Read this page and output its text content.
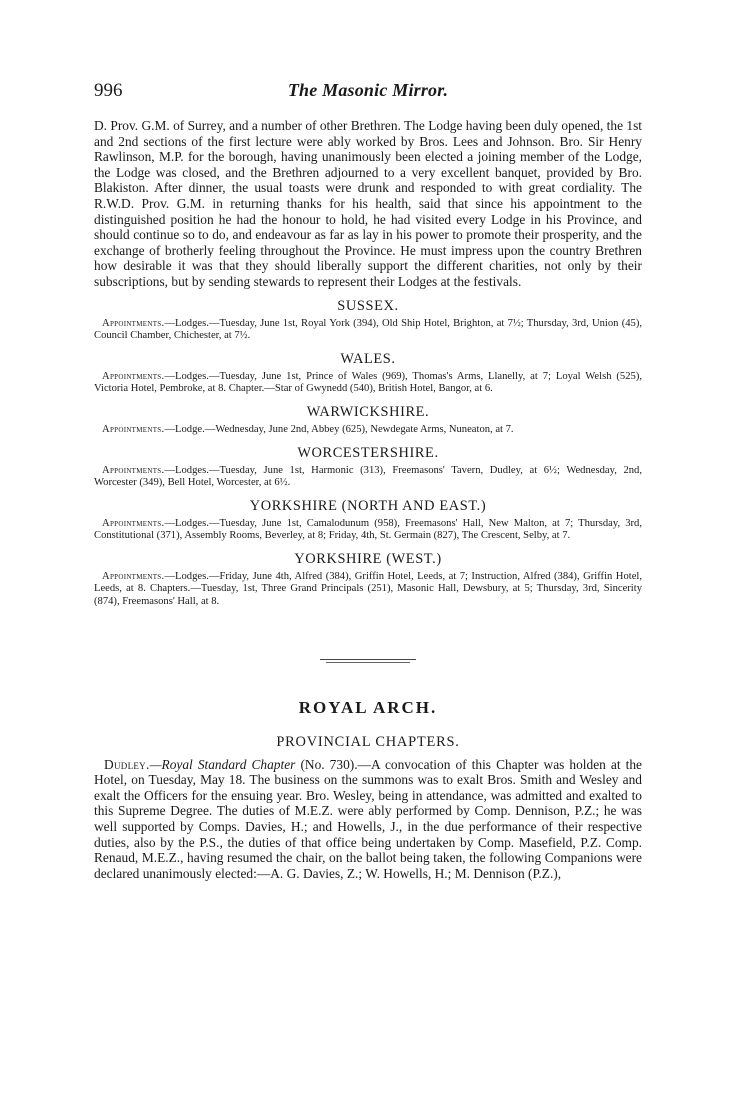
996	The Masonic Mirror.

D. Prov. G.M. of Surrey, and a number of other Brethren. The Lodge having been duly opened, the 1st and 2nd sections of the first lecture were ably worked by Bros. Lees and Johnson. Bro. Sir Henry Rawlinson, M.P. for the borough, having unanimously been elected a joining member of the Lodge, the Lodge was closed, and the Brethren adjourned to a very excellent banquet, provided by Bro. Blakiston. After dinner, the usual toasts were drunk and responded to with great cordiality. The R.W.D. Prov. G.M. in returning thanks for his health, said that since his appointment to the distinguished position he had the honour to hold, he had visited every Lodge in his Province, and should continue so to do, and endeavour as far as lay in his power to promote their prosperity, and the exchange of brotherly feeling throughout the Province. He must impress upon the country Brethren how desirable it was that they should liberally support the different charities, not only by their subscriptions, but by sending stewards to represent their Lodges at the festivals.

SUSSEX.

Appointments.—Lodges.—Tuesday, June 1st, Royal York (394), Old Ship Hotel, Brighton, at 7½; Thursday, 3rd, Union (45), Council Chamber, Chichester, at 7½.

WALES.

Appointments.—Lodges.—Tuesday, June 1st, Prince of Wales (969), Thomas's Arms, Llanelly, at 7; Loyal Welsh (525), Victoria Hotel, Pembroke, at 8. Chapter.—Star of Gwynedd (540), British Hotel, Bangor, at 6.

WARWICKSHIRE.

Appointments.—Lodge.—Wednesday, June 2nd, Abbey (625), Newdegate Arms, Nuneaton, at 7.

WORCESTERSHIRE.

Appointments.—Lodges.—Tuesday, June 1st, Harmonic (313), Freemasons' Tavern, Dudley, at 6½; Wednesday, 2nd, Worcester (349), Bell Hotel, Worcester, at 6½.

YORKSHIRE (NORTH AND EAST.)

Appointments.—Lodges.—Tuesday, June 1st, Camalodunum (958), Freemasons' Hall, New Malton, at 7; Thursday, 3rd, Constitutional (371), Assembly Rooms, Beverley, at 8; Friday, 4th, St. Germain (827), The Crescent, Selby, at 7.

YORKSHIRE (WEST.)

Appointments.—Lodges.—Friday, June 4th, Alfred (384), Griffin Hotel, Leeds, at 7; Instruction, Alfred (384), Griffin Hotel, Leeds, at 8. Chapters.—Tuesday, 1st, Three Grand Principals (251), Masonic Hall, Dewsbury, at 5; Thursday, 3rd, Sincerity (874), Freemasons' Hall, at 8.

ROYAL ARCH.
PROVINCIAL CHAPTERS.

Dudley.—Royal Standard Chapter (No. 730).—A convocation of this Chapter was holden at the Hotel, on Tuesday, May 18. The business on the summons was to exalt Bros. Smith and Wesley and exalt the Officers for the ensuing year. Bro. Wesley, being in attendance, was admitted and exalted to this Supreme Degree. The duties of M.E.Z. were ably performed by Comp. Dennison, P.Z.; he was well supported by Comps. Davies, H.; and Howells, J., in the due performance of their respective duties, also by the P.S., the duties of that office being undertaken by Comp. Masefield, P.Z. Comp. Renaud, M.E.Z., having resumed the chair, on the ballot being taken, the following Companions were declared unanimously elected:—A. G. Davies, Z.; W. Howells, H.; M. Dennison (P.Z.),
